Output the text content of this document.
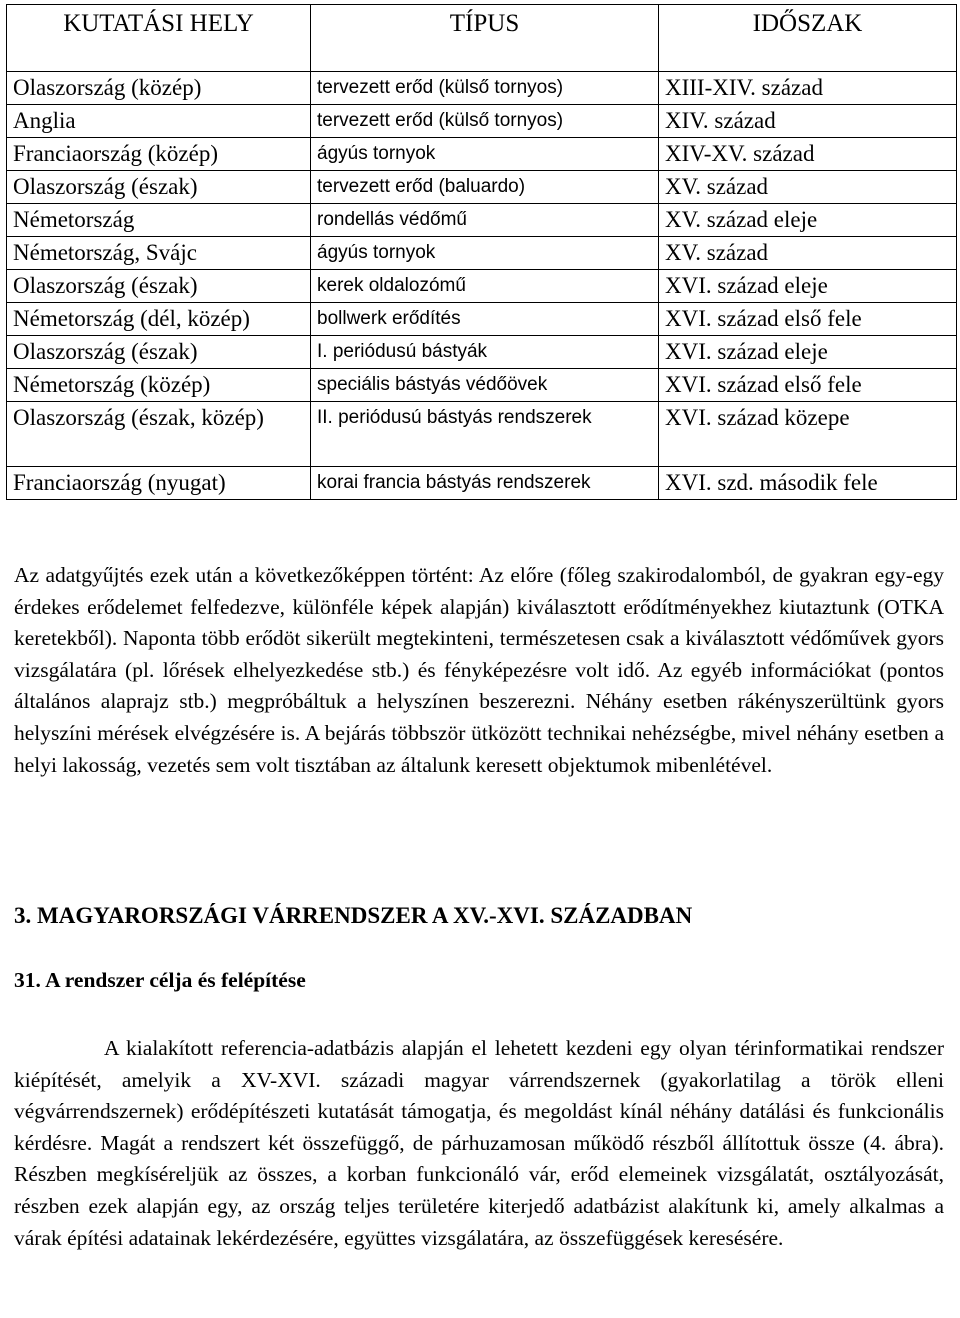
KUTATÁSI HELY	TÍPUS	IDŐSZAK
Olaszország (közép)	tervezett erőd (külső tornyos)	XIII-XIV. század
Anglia	tervezett erőd (külső tornyos)	XIV. század
Franciaország (közép)	ágyús tornyok	XIV-XV. század
Olaszország (észak)	tervezett erőd (baluardo)	XV. század
Németország	rondellás védőmű	XV. század eleje
Németország, Svájc	ágyús tornyok	XV. század
Olaszország (észak)	kerek oldalozómű	XVI. század eleje
Németország (dél, közép)	bollwerk erődítés	XVI. század első fele
Olaszország (észak)	I. periódusú bástyák	XVI. század eleje
Németország (közép)	speciális bástyás védőövek	XVI. század első fele

Olaszország (észak, közép)	II. periódusú bástyás rendszerek	XVI. század közepe
Franciaország (nyugat)	korai francia bástyás rendszerek	XVI. szd. második fele

Az adatgyűjtés ezek után a következőképpen történt: Az előre (főleg szakirodalomból, de gyakran egy-egy érdekes erődelemet felfedezve, különféle képek alapján) kiválasztott erődítményekhez kiutaztunk (OTKA keretekből). Naponta több erődöt sikerült megtekinteni, természetesen csak a kiválasztott védőművek gyors vizsgálatára (pl. lőrések elhelyezkedése stb.) és fényképezésre volt idő. Az egyéb információkat (pontos általános alaprajz stb.) megpróbáltuk a helyszínen beszerezni. Néhány esetben rákényszerültünk gyors helyszíni mérések elvégzésére is. A bejárás többször ütközött technikai nehézségbe, mivel néhány esetben a helyi lakosság, vezetés sem volt tisztában az általunk keresett objektumok mibenlétével.

3. MAGYARORSZÁGI VÁRRENDSZER A XV.-XVI. SZÁZADBAN
31. A rendszer célja és felépítése

A kialakított referencia-adatbázis alapján el lehetett kezdeni egy olyan térinformatikai rendszer kiépítését, amelyik a XV-XVI. századi magyar várrendszernek (gyakorlatilag a török elleni végvárrendszernek) erődépítészeti kutatását támogatja, és megoldást kínál néhány datálási és funkcionális kérdésre. Magát a rendszert két összefüggő, de párhuzamosan működő részből állítottuk össze (4. ábra). Részben megkíséreljük az összes, a korban funkcionáló vár, erőd elemeinek vizsgálatát, osztályozását, részben ezek alapján egy, az ország teljes területére kiterjedő adatbázist alakítunk ki, amely alkalmas a várak építési adatainak lekérdezésére, együttes vizsgálatára, az összefüggések keresésére.
